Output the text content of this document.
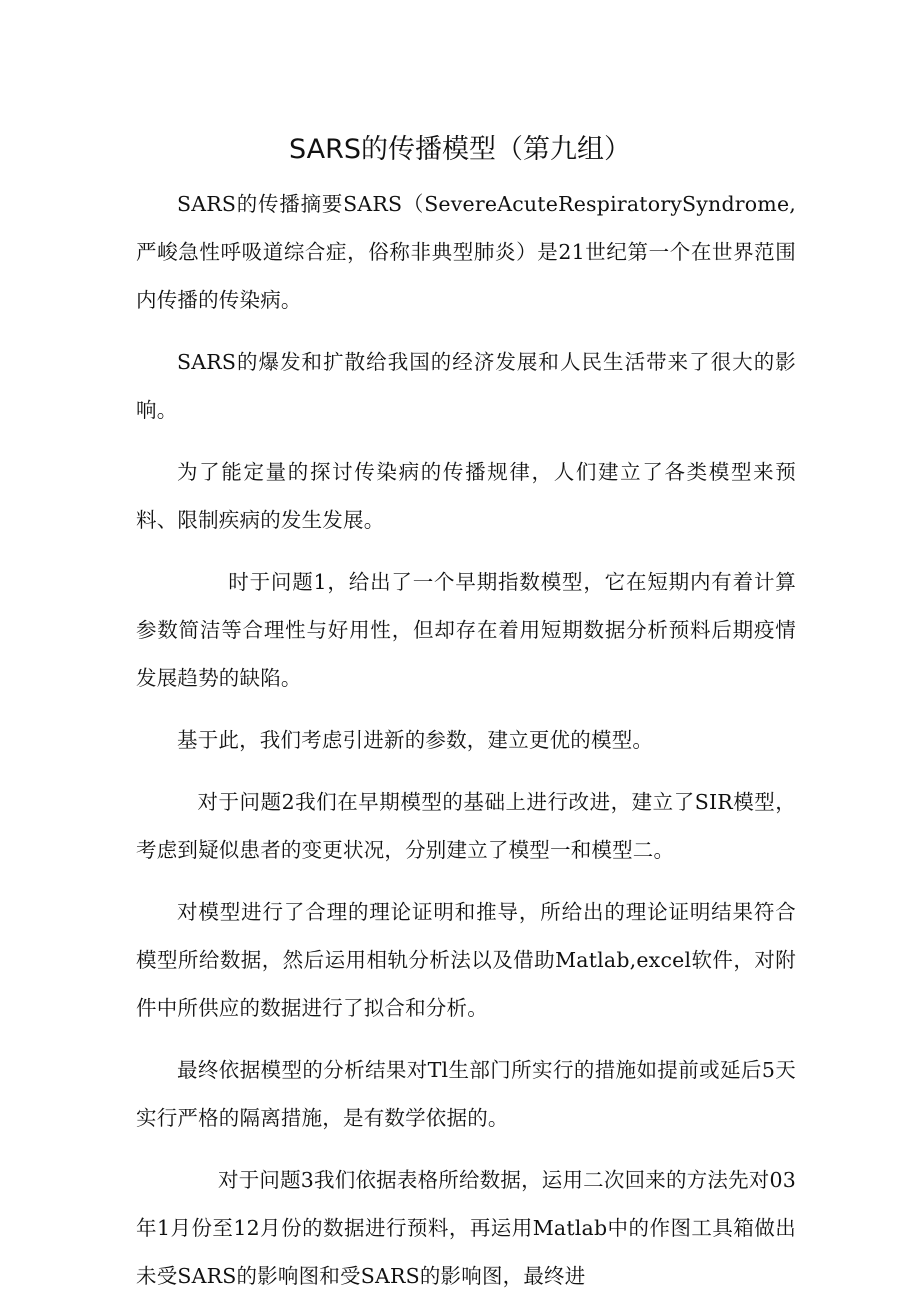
SARS的传播模型（第九组）

SARS的传播摘要SARS（SevereAcuteRespiratorySyndrome,严峻急性呼吸道综合症，俗称非典型肺炎）是21世纪第一个在世界范围内传播的传染病。

SARS的爆发和扩散给我国的经济发展和人民生活带来了很大的影响。

为了能定量的探讨传染病的传播规律，人们建立了各类模型来预料、限制疾病的发生发展。

时于问题1，给出了一个早期指数模型，它在短期内有着计算参数简洁等合理性与好用性，但却存在着用短期数据分析预料后期疫情发展趋势的缺陷。

基于此，我们考虑引进新的参数，建立更优的模型。

对于问题2我们在早期模型的基础上进行改进，建立了SIR模型，考虑到疑似患者的变更状况，分别建立了模型一和模型二。

对模型进行了合理的理论证明和推导，所给出的理论证明结果符合模型所给数据，然后运用相轨分析法以及借助Matlab,excel软件，对附件中所供应的数据进行了拟合和分析。

最终依据模型的分析结果对Tl生部门所实行的措施如提前或延后5天实行严格的隔离措施，是有数学依据的。

对于问题3我们依据表格所给数据，运用二次回来的方法先对03年1月份至12月份的数据进行预料，再运用Matlab中的作图工具箱做出未受SARS的影响图和受SARS的影响图，最终进
